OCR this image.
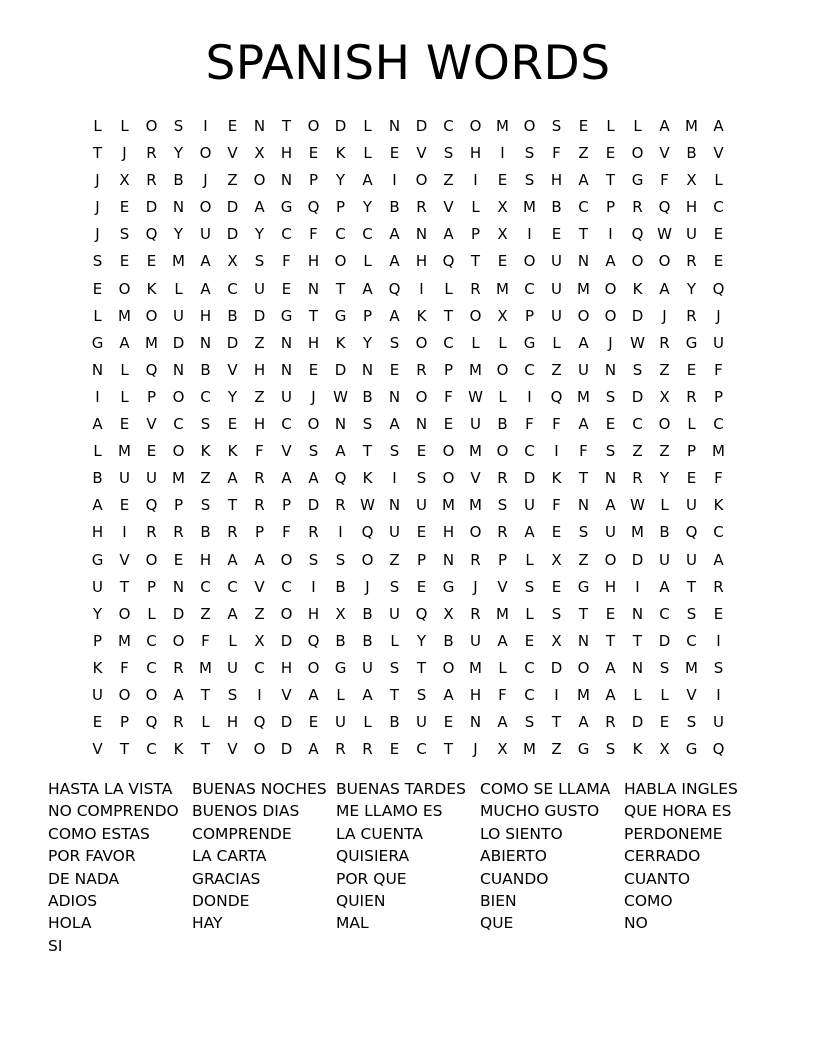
SPANISH WORDS
L	L	O	S	I	E	N	T	O	D	L	N	D	C	O M O	S	E	L	L	A	M	A
T	J	R	Y	O	V	X	H	E	K	L	E	V	S	H	I	S	F	Z	E	O	V	B	V
J	X	R	B	J	Z	O	N	P	Y	A	I	O	Z	I	E	S	H	A	T	G	F	X	L
J	E	D	N	O	D	A	G	Q	P	Y	B	R	V	L	X	M	B	C	P	R	Q	H	C
J	S	Q	Y	U	D	Y	C	F	C	C	A	N	A	P	X	I	E	T	I	Q W U	E
S	E	E	M	A	X	S	F	H	O	L	A	H	Q	T	E	O	U	N	A	O	O	R	E
E	O	K	L	A	C	U	E	N	T	A	Q	I	L	R	M	C	U	M O	K	A	Y	Q
L	M O	U	H	B	D	G	T	G	P	A	K	T	O	X	P	U	O	O	D	J	R	J
G	A	M D	N	D	Z	N	H	K	Y	S	O	C	L	L	G	L	A	J	W R	G	U
N	L	Q	N	B	V	H	N	E	D	N	E	R	P	M O	C	Z	U	N	S	Z	E	F
I	L	P	O	C	Y	Z	U	J	W B	N	O	F	W	L	I	Q M	S	D	X	R	P
A	E	V	C	S	E	H	C	O	N	S	A	N	E	U	B	F	F	A	E	C	O	L	C
L	M	E	O	K	K	F	V	S	A	T	S	E	O M O	C	I	F	S	Z	Z	P	M
B	U	U	M	Z	A	R	A	A	Q	K	I	S	O	V	R	D	K	T	N	R	Y	E	F
A	E	Q	P	S	T	R	P	D	R W N	U	M M	S	U	F	N	A W	L	U	K
H	I	R	R	B	R	P	F	R	I	Q	U	E	H	O	R	A	E	S	U	M	B	Q	C
G	V	O	E	H	A	A	O	S	S	O	Z	P	N	R	P	L	X	Z	O	D	U	U	A
U	T	P	N	C	C	V	C	I	B	J	S	E	G	J	V	S	E	G	H	I	A	T	R
Y	O	L	D	Z	A	Z	O	H	X	B	U	Q	X	R	M	L	S	T	E	N	C	S	E
P	M	C	O	F	L	X	D	Q	B	B	L	Y	B	U	A	E	X	N	T	T	D	C	I
K	F	C	R	M	U	C	H	O	G	U	S	T	O M	L	C	D	O	A	N	S	M	S
U	O	O	A	T	S	I	V	A	L	A	T	S	A	H	F	C	I	M	A	L	L	V	I
E	P	Q	R	L	H	Q	D	E	U	L	B	U	E	N	A	S	T	A	R	D	E	S	U
V	T	C	K	T	V	O	D	A	R	R	E	C	T	J	X	M	Z	G	S	K	X	G	Q
HASTA LA VISTA
NO COMPRENDO
COMO ESTAS
POR FAVOR
DE NADA
ADIOS
HOLA
SI
BUENAS NOCHES
BUENOS DIAS
COMPRENDE
LA CARTA
GRACIAS
DONDE
HAY
BUENAS TARDES
ME LLAMO ES
LA CUENTA
QUISIERA
POR QUE
QUIEN
MAL
COMO SE LLAMA
MUCHO GUSTO
LO SIENTO
ABIERTO
CUANDO
BIEN
QUE
HABLA INGLES
QUE HORA ES
PERDONEME
CERRADO
CUANTO
COMO
NO
